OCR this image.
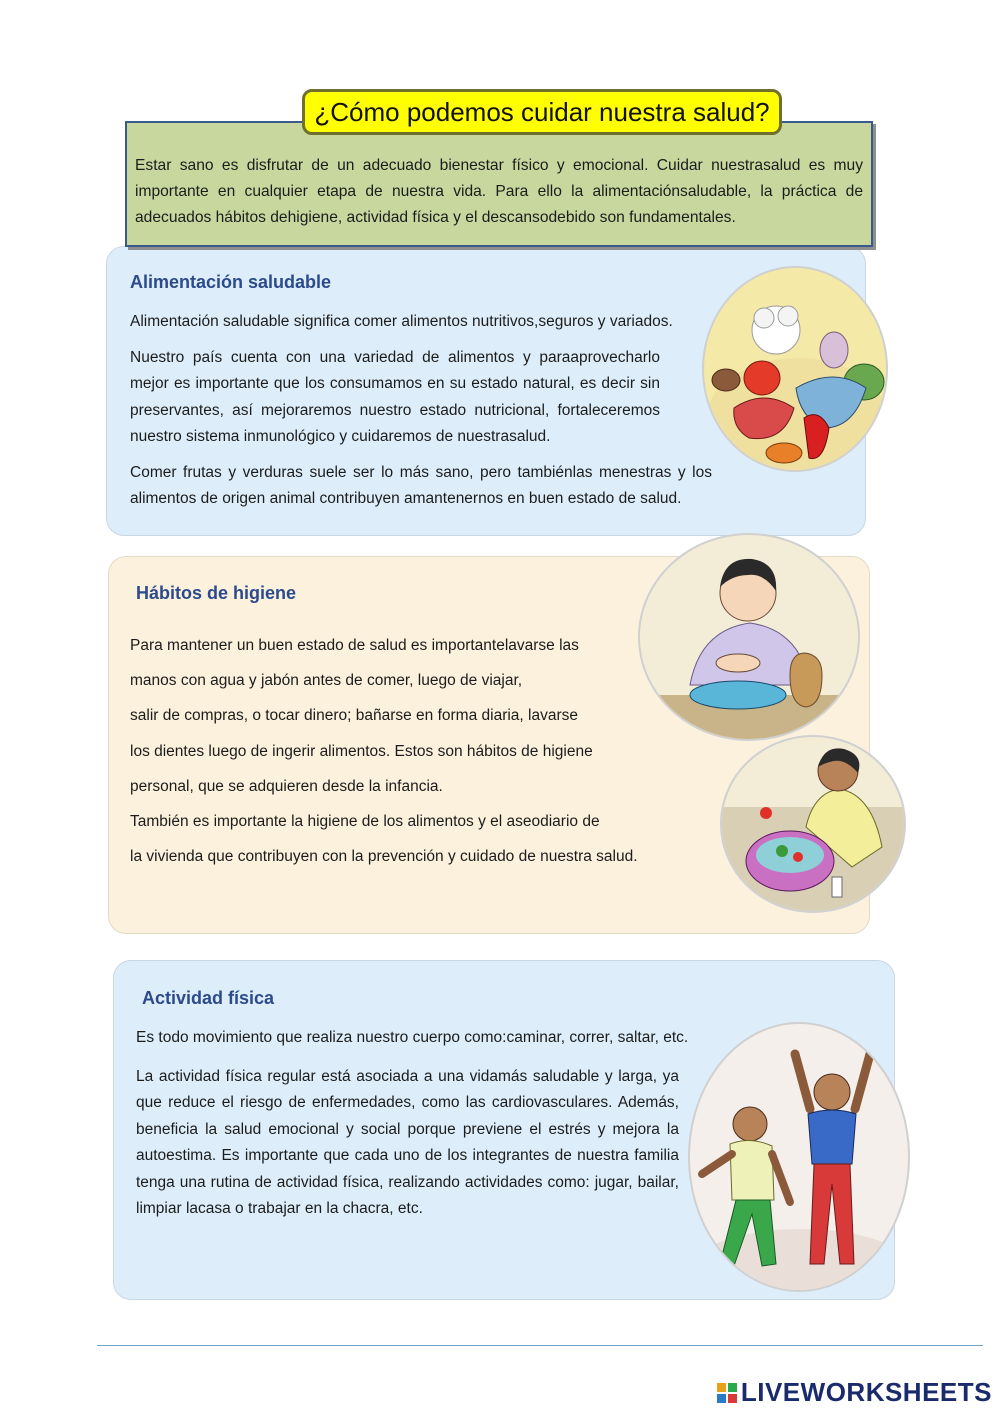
¿Cómo podemos cuidar nuestra salud?
Estar sano es disfrutar de un adecuado bienestar físico y emocional. Cuidar nuestrasalud es muy importante en cualquier etapa de nuestra vida. Para ello la alimentaciónsaludable, la práctica de adecuados hábitos dehigiene, actividad física y el descansodebido son fundamentales.
Alimentación saludable

Alimentación saludable significa comer alimentos nutritivos,seguros y variados.

Nuestro país cuenta con una variedad de alimentos y paraaprovecharlo mejor es importante que los consumamos en su estado natural, es decir sin preservantes, así mejoraremos nuestro estado nutricional, fortaleceremos nuestro sistema inmunológico y cuidaremos de nuestrasalud.

Comer frutas y verduras suele ser lo más sano, pero tambiénlas menestras y los alimentos de origen animal contribuyen amantenernos en buen estado de salud.

Hábitos de higiene

Para mantener un buen estado de salud es importantelavarse las

manos con agua y jabón antes de comer, luego de viajar,

salir de compras, o tocar dinero; bañarse en forma diaria, lavarse

los dientes luego de ingerir alimentos. Estos son hábitos de higiene

personal, que se adquieren desde la infancia.

También es importante la higiene de los alimentos y el aseodiario de

la vivienda que contribuyen con la prevención y cuidado de nuestra salud.

Actividad física

Es todo movimiento que realiza nuestro cuerpo como:caminar, correr, saltar, etc.

La actividad física regular está asociada a una vidamás saludable y larga, ya que reduce el riesgo de enfermedades, como las cardiovasculares. Además, beneficia la salud emocional y social porque previene el estrés y mejora la autoestima. Es importante que cada uno de los integrantes de nuestra familia tenga una rutina de actividad física, realizando actividades como: jugar, bailar, limpiar lacasa o trabajar en la chacra, etc.

LIVEWORKSHEETS
